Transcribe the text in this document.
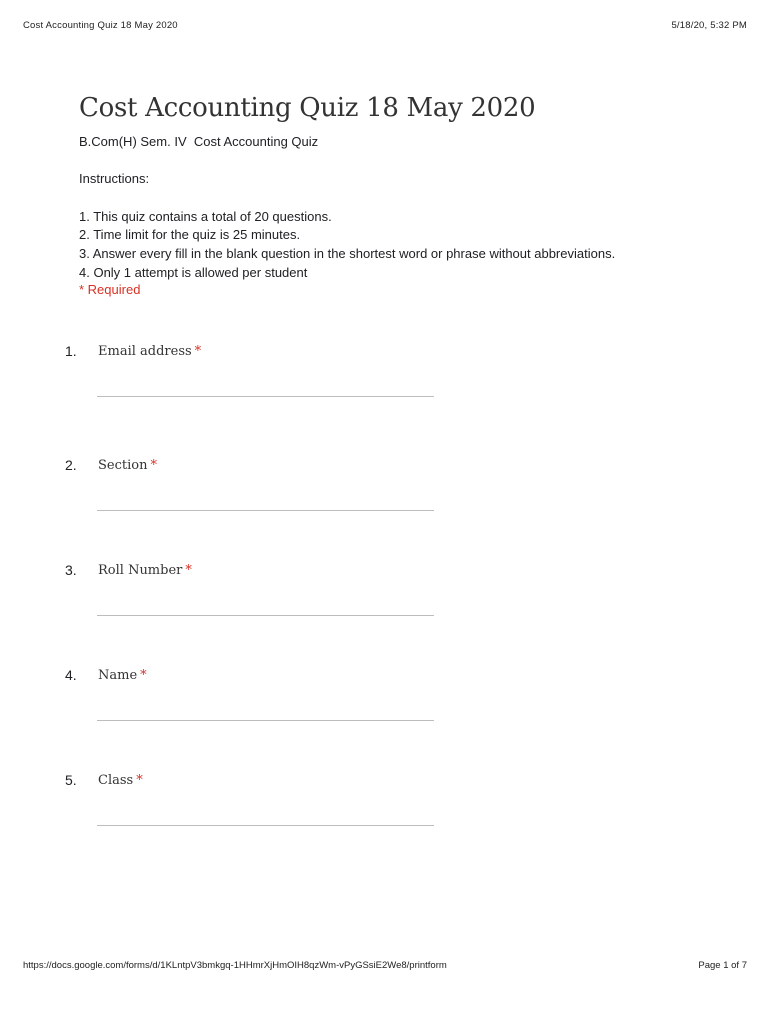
Cost Accounting Quiz 18 May 2020	5/18/20, 5:32 PM
Cost Accounting Quiz 18 May 2020
B.Com(H) Sem. IV  Cost Accounting Quiz
Instructions:
1. This quiz contains a total of 20 questions.
2. Time limit for the quiz is 25 minutes.
3. Answer every fill in the blank question in the shortest word or phrase without abbreviations.
4. Only 1 attempt is allowed per student
* Required
1. Email address *
2. Section *
3. Roll Number *
4. Name *
5. Class *
https://docs.google.com/forms/d/1KLntpV3bmkgq-1HHmrXjHmOIH8qzWm-vPyGSsiE2We8/printform	Page 1 of 7
